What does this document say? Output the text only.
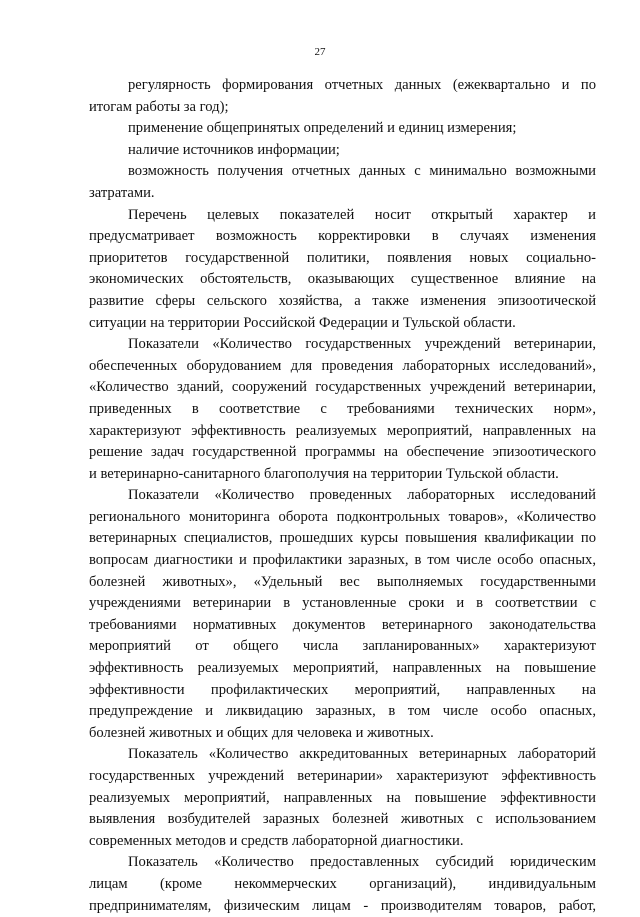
27
регулярность формирования отчетных данных (ежеквартально и по
итогам работы за год);
применение общепринятых определений и единиц измерения;
наличие источников информации;
возможность получения отчетных данных с минимально возможными
затратами.
Перечень целевых показателей носит открытый характер и
предусматривает возможность корректировки в случаях изменения
приоритетов государственной политики, появления новых социально-
экономических обстоятельств, оказывающих существенное влияние на
развитие сферы сельского хозяйства, а также изменения эпизоотической
ситуации на территории Российской Федерации и Тульской области.
Показатели «Количество государственных учреждений ветеринарии,
обеспеченных оборудованием для проведения лабораторных исследований»,
«Количество зданий, сооружений государственных учреждений ветеринарии,
приведенных в соответствие с требованиями технических норм»,
характеризуют эффективность реализуемых мероприятий, направленных на
решение задач государственной программы на обеспечение эпизоотического
и ветеринарно-санитарного благополучия на территории Тульской области.
Показатели «Количество проведенных лабораторных исследований
регионального мониторинга оборота подконтрольных товаров», «Количество
ветеринарных специалистов, прошедших курсы повышения квалификации по
вопросам диагностики и профилактики заразных, в том числе особо опасных,
болезней животных», «Удельный вес выполняемых государственными
учреждениями ветеринарии в установленные сроки и в соответствии с
требованиями нормативных документов ветеринарного законодательства
мероприятий от общего числа запланированных» характеризуют
эффективность реализуемых мероприятий, направленных на повышение
эффективности профилактических мероприятий, направленных на
предупреждение и ликвидацию заразных, в том числе особо опасных,
болезней животных и общих для человека и животных.
Показатель «Количество аккредитованных ветеринарных лабораторий
государственных учреждений ветеринарии» характеризуют эффективность
реализуемых мероприятий, направленных на повышение эффективности
выявления возбудителей заразных болезней животных с использованием
современных методов и средств лабораторной диагностики.
Показатель «Количество предоставленных субсидий юридическим
лицам (кроме некоммерческих организаций), индивидуальным
предпринимателям, физическим лицам - производителям товаров, работ,
